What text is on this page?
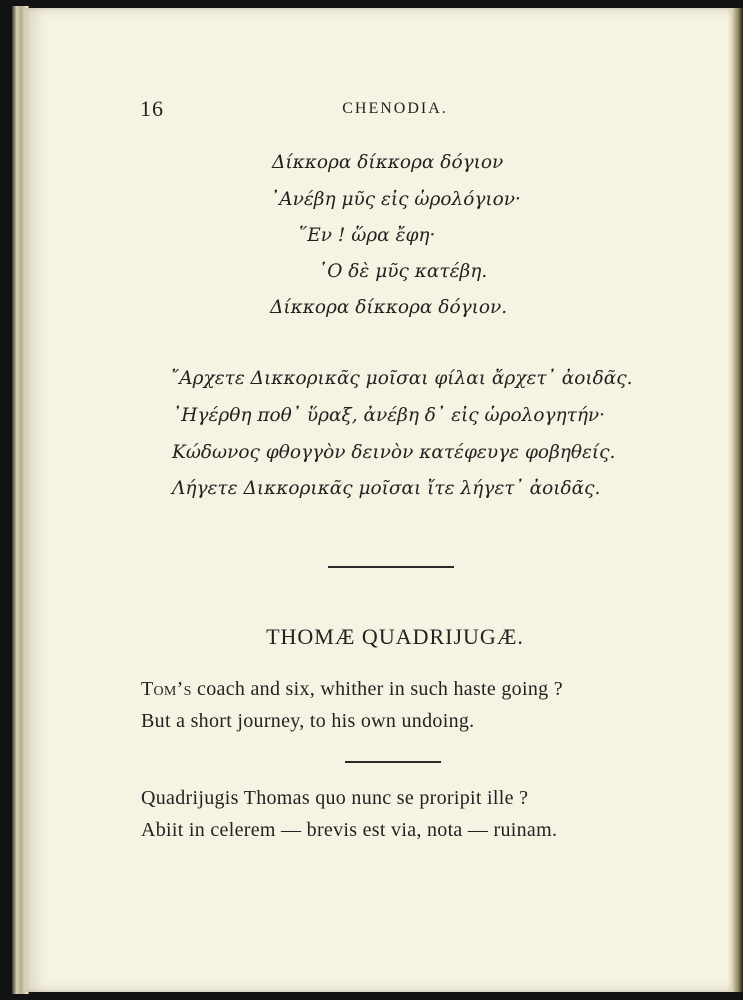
16	CHENODIA.
Δίκκορα δίκκορα δόγιον
᾿Ανέβη μῦς εἰς ὡρολόγιον·
῞Εν ! ὥρα ἔφη·
῾Ο δὲ μῦς κατέβη.
Δίκκορα δίκκορα δόγιον.
῎Αρχετε Δικκορικᾶς μοῖσαι φίλαι ἄρχετ᾿ ἀοιδᾶς.
᾿Ηγέρθη ποθ᾿ ὕραξ, ἀνέβη δ᾿ εἰς ὡρολογητήν·
Κώδωνος φθογγὸν δεινὸν κατέφευγε φοβηθείς.
Λήγετε Δικκορικᾶς μοῖσαι ἴτε λήγετ᾿ ἀοιδᾶς.
THOMÆ QUADRIJUGÆ.
Tom’s coach and six, whither in such haste going ?
But a short journey, to his own undoing.
Quadrijugis Thomas quo nunc se proripit ille ?
Abiit in celerem — brevis est via, nota — ruinam.
